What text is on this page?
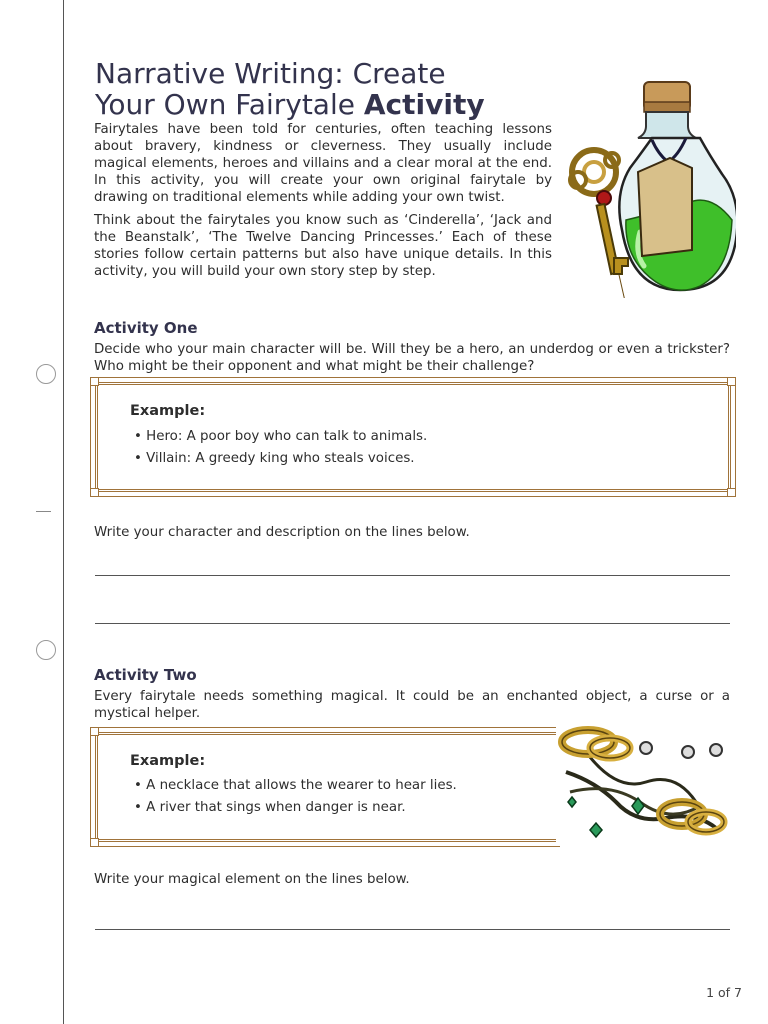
Narrative Writing: Create
Your Own Fairytale Activity

Fairytales have been told for centuries, often teaching lessons about bravery, kindness or cleverness. They usually include magical elements, heroes and villains and a clear moral at the end. In this activity, you will create your own original fairytale by drawing on traditional elements while adding your own twist.

Think about the fairytales you know such as ‘Cinderella’, ‘Jack and the Beanstalk’, ‘The Twelve Dancing Princesses.’ Each of these stories follow certain patterns but also have unique details. In this activity, you will build your own story step by step.

Activity One

Decide who your main character will be. Will they be a hero, an underdog or even a trickster? Who might be their opponent and what might be their challenge?

Example:

• Hero: A poor boy who can talk to animals.
• Villain: A greedy king who steals voices.

Write your character and description on the lines below.

Activity Two

Every fairytale needs something magical. It could be an enchanted object, a curse or a mystical helper.

Example:

• A necklace that allows the wearer to hear lies.
• A river that sings when danger is near.

Write your magical element on the lines below.

1 of 7
